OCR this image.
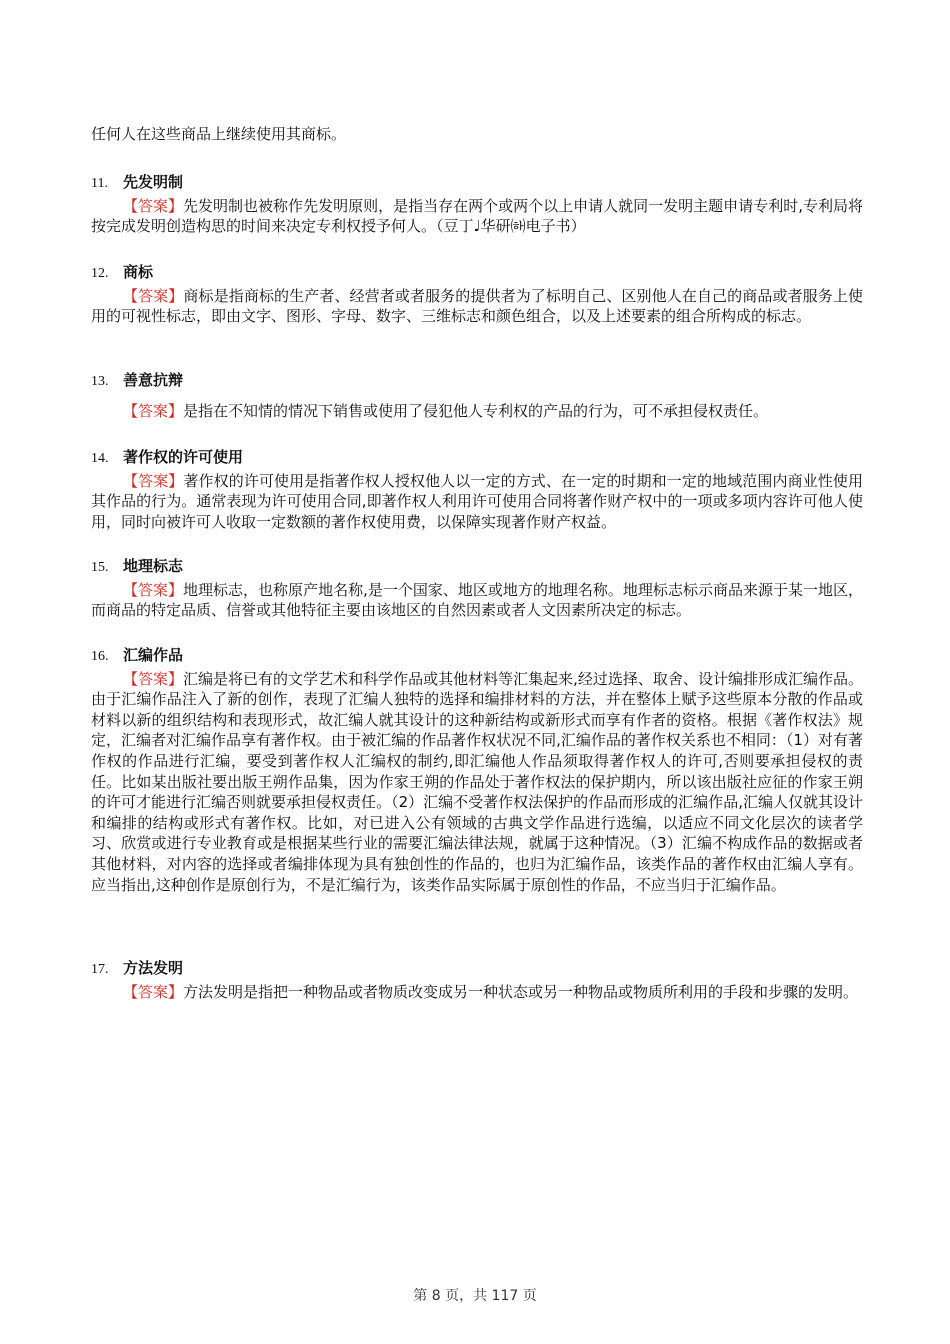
任何人在这些商品上继续使用其商标。

11.	先发明制

【答案】先发明制也被称作先发明原则，是指当存在两个或两个以上申请人就同一发明主题申请专利时,专利局将按完成发明创造构思的时间来决定专利权授予何人。（豆丁♩华研㈛电子书）

12. 商标

【答案】商标是指商标的生产者、经营者或者服务的提供者为了标明自己、区别他人在自己的商品或者服务上使用的可视性标志，即由文字、图形、字母、数字、三维标志和颜色组合，以及上述要素的组合所构成的标志。

13. 善意抗辩

【答案】是指在不知情的情况下销售或使用了侵犯他人专利权的产品的行为，可不承担侵权责任。

14. 著作权的许可使用

【答案】著作权的许可使用是指著作权人授权他人以一定的方式、在一定的时期和一定的地域范围内商业性使用其作品的行为。通常表现为许可使用合同,即著作权人利用许可使用合同将著作财产权中的一项或多项内容许可他人使用，同时向被许可人收取一定数额的著作权使用费，以保障实现著作财产权益。

15. 地理标志

【答案】地理标志，也称原产地名称,是一个国家、地区或地方的地理名称。地理标志标示商品来源于某一地区，而商品的特定品质、信誉或其他特征主要由该地区的自然因素或者人文因素所决定的标志。

16. 汇编作品

【答案】汇编是将已有的文学艺术和科学作品或其他材料等汇集起来,经过选择、取舍、设计编排形成汇编作品。由于汇编作品注入了新的创作，表现了汇编人独特的选择和编排材料的方法，并在整体上赋予这些原本分散的作品或材料以新的组织结构和表现形式，故汇编人就其设计的这种新结构或新形式而享有作者的资格。根据《著作权法》规定，汇编者对汇编作品享有著作权。由于被汇编的作品著作权状况不同,汇编作品的著作权关系也不相同：（1）对有著作权的作品进行汇编，要受到著作权人汇编权的制约,即汇编他人作品须取得著作权人的许可,否则要承担侵权的责任。比如某出版社要出版王朔作品集，因为作家王朔的作品处于著作权法的保护期内，所以该出版社应征的作家王朔的许可才能进行汇编否则就要承担侵权责任。（2）汇编不受著作权法保护的作品而形成的汇编作品,汇编人仅就其设计和编排的结构或形式有著作权。比如，对已进入公有领域的古典文学作品进行选编，以适应不同文化层次的读者学习、欣赏或进行专业教育或是根据某些行业的需要汇编法律法规，就属于这种情况。（3）汇编不构成作品的数据或者其他材料，对内容的选择或者编排体现为具有独创性的作品的，也归为汇编作品，该类作品的著作权由汇编人享有。应当指出,这种创作是原创行为，不是汇编行为，该类作品实际属于原创性的作品，不应当归于汇编作品。

17. 方法发明

【答案】方法发明是指把一种物品或者物质改变成另一种状态或另一种物品或物质所利用的手段和步骤的发明。

第 8 页，共 117 页
